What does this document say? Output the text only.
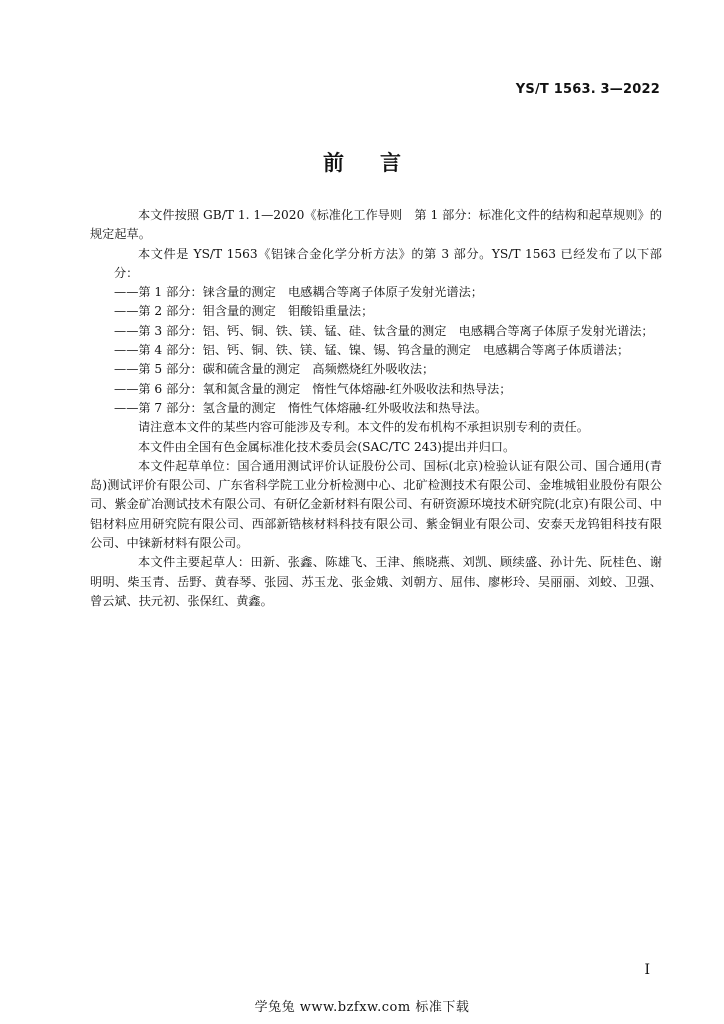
YS/T 1563. 3—2022
前言

本文件按照 GB/T 1. 1—2020《标准化工作导则　第 1 部分：标准化文件的结构和起草规则》的规定起草。

本文件是 YS/T 1563《铝铼合金化学分析方法》的第 3 部分。YS/T 1563 已经发布了以下部分：

——第 1 部分：铼含量的测定　电感耦合等离子体原子发射光谱法；

——第 2 部分：钼含量的测定　钼酸铅重量法；

——第 3 部分：铝、钙、铜、铁、镁、锰、硅、钛含量的测定　电感耦合等离子体原子发射光谱法；

——第 4 部分：铝、钙、铜、铁、镁、锰、镍、锡、钨含量的测定　电感耦合等离子体质谱法；

——第 5 部分：碳和硫含量的测定　高频燃烧红外吸收法；

——第 6 部分：氧和氮含量的测定　惰性气体熔融-红外吸收法和热导法；

——第 7 部分：氢含量的测定　惰性气体熔融-红外吸收法和热导法。

请注意本文件的某些内容可能涉及专利。本文件的发布机构不承担识别专利的责任。

本文件由全国有色金属标准化技术委员会(SAC/TC 243)提出并归口。

本文件起草单位：国合通用测试评价认证股份公司、国标(北京)检验认证有限公司、国合通用(青岛)测试评价有限公司、广东省科学院工业分析检测中心、北矿检测技术有限公司、金堆城钼业股份有限公司、紫金矿冶测试技术有限公司、有研亿金新材料有限公司、有研资源环境技术研究院(北京)有限公司、中铝材料应用研究院有限公司、西部新锆核材料科技有限公司、紫金铜业有限公司、安泰天龙钨钼科技有限公司、中铼新材料有限公司。

本文件主要起草人：田新、张鑫、陈雄飞、王津、熊晓燕、刘凯、顾续盛、孙计先、阮桂色、谢明明、柴玉青、岳野、黄春琴、张园、苏玉龙、张金娥、刘朝方、屈伟、廖彬玲、吴丽丽、刘蛟、卫强、曾云斌、扶元初、张保红、黄鑫。

I
学兔兔 www.bzfxw.com 标准下载
